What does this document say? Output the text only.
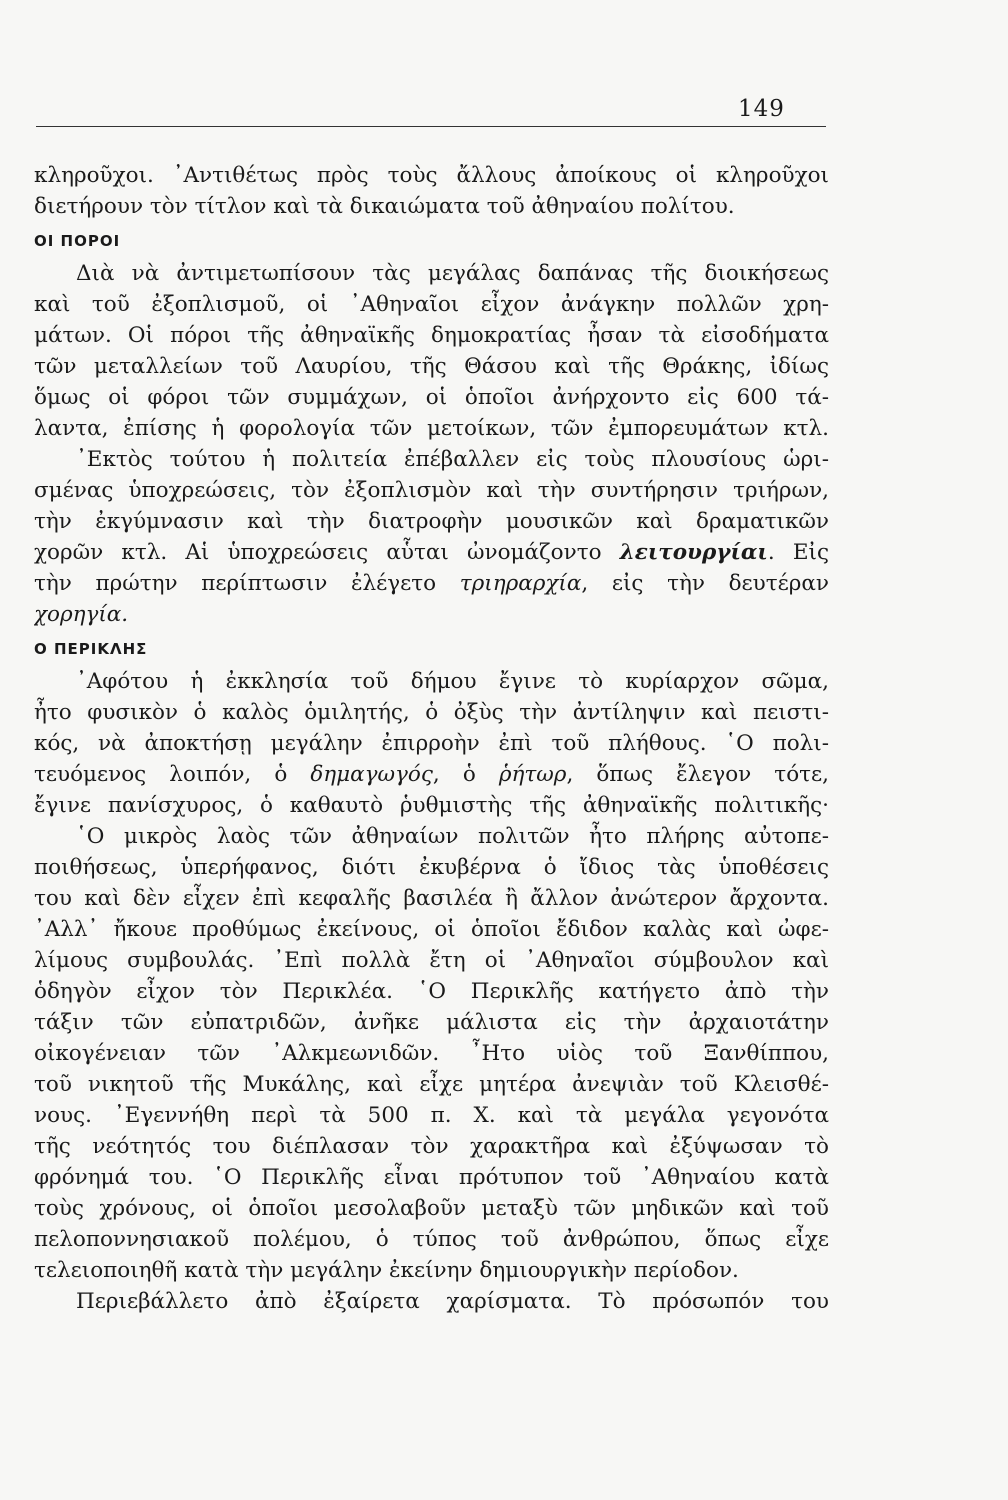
149
κληροῦχοι. ᾿Αντιθέτως πρὸς τοὺς ἄλλους ἀποίκους οἱ κληροῦχοι
διετήρουν τὸν τίτλον καὶ τὰ δικαιώματα τοῦ ἀθηναίου πολίτου.
ΟΙ ΠΟΡΟΙ
Διὰ νὰ ἀντιμετωπίσουν τὰς μεγάλας δαπάνας τῆς διοικήσεως
καὶ τοῦ ἐξοπλισμοῦ, οἱ ᾿Αθηναῖοι εἶχον ἀνάγκην πολλῶν χρη-
μάτων. Οἱ πόροι τῆς ἀθηναϊκῆς δημοκρατίας ἦσαν τὰ εἰσοδήματα
τῶν μεταλλείων τοῦ Λαυρίου, τῆς Θάσου καὶ τῆς Θράκης, ἰδίως
ὅμως οἱ φόροι τῶν συμμάχων, οἱ ὁποῖοι ἀνήρχοντο εἰς 600 τά-
λαντα, ἐπίσης ἡ φορολογία τῶν μετοίκων, τῶν ἐμπορευμάτων κτλ.
᾿Εκτὸς τούτου ἡ πολιτεία ἐπέβαλλεν εἰς τοὺς πλουσίους ὡρι-
σμένας ὑποχρεώσεις, τὸν ἐξοπλισμὸν καὶ τὴν συντήρησιν τριήρων,
τὴν ἐκγύμνασιν καὶ τὴν διατροφὴν μουσικῶν καὶ δραματικῶν
χορῶν κτλ. Αἱ ὑποχρεώσεις αὗται ὠνομάζοντο λειτουργίαι. Εἰς
τὴν πρώτην περίπτωσιν ἐλέγετο τριηραρχία, εἰς τὴν δευτέραν
χορηγία.
Ο ΠΕΡΙΚΛΗΣ
᾿Αφότου ἡ ἐκκλησία τοῦ δήμου ἔγινε τὸ κυρίαρχον σῶμα,
ἦτο φυσικὸν ὁ καλὸς ὁμιλητής, ὁ ὀξὺς τὴν ἀντίληψιν καὶ πειστι-
κός, νὰ ἀποκτήσῃ μεγάλην ἐπιρροὴν ἐπὶ τοῦ πλήθους. ῾Ο πολι-
τευόμενος λοιπόν, ὁ δημαγωγός, ὁ ῥήτωρ, ὅπως ἔλεγον τότε,
ἔγινε πανίσχυρος, ὁ καθαυτὸ ῥυθμιστὴς τῆς ἀθηναϊκῆς πολιτικῆς·
῾Ο μικρὸς λαὸς τῶν ἀθηναίων πολιτῶν ἦτο πλήρης αὐτοπε-
ποιθήσεως, ὑπερήφανος, διότι ἐκυβέρνα ὁ ἴδιος τὰς ὑποθέσεις
του καὶ δὲν εἶχεν ἐπὶ κεφαλῆς βασιλέα ἢ ἄλλον ἀνώτερον ἄρχοντα.
᾿Αλλ᾿ ἤκουε προθύμως ἐκείνους, οἱ ὁποῖοι ἔδιδον καλὰς καὶ ὠφε-
λίμους συμβουλάς. ᾿Επὶ πολλὰ ἔτη οἱ ᾿Αθηναῖοι σύμβουλον καὶ
ὁδηγὸν εἶχον τὸν Περικλέα. ῾Ο Περικλῆς κατήγετο ἀπὸ τὴν
τάξιν τῶν εὐπατριδῶν, ἀνῆκε μάλιστα εἰς τὴν ἀρχαιοτάτην
οἰκογένειαν τῶν ᾿Αλκμεωνιδῶν. ῏Ητο υἱὸς τοῦ Ξανθίππου,
τοῦ νικητοῦ τῆς Μυκάλης, καὶ εἶχε μητέρα ἀνεψιὰν τοῦ Κλεισθέ-
νους. ᾿Εγεννήθη περὶ τὰ 500 π. Χ. καὶ τὰ μεγάλα γεγονότα
τῆς νεότητός του διέπλασαν τὸν χαρακτῆρα καὶ ἐξύψωσαν τὸ
φρόνημά του. ῾Ο Περικλῆς εἶναι πρότυπον τοῦ ᾿Αθηναίου κατὰ
τοὺς χρόνους, οἱ ὁποῖοι μεσολαβοῦν μεταξὺ τῶν μηδικῶν καὶ τοῦ
πελοποννησιακοῦ πολέμου, ὁ τύπος τοῦ ἀνθρώπου, ὅπως εἶχε
τελειοποιηθῆ κατὰ τὴν μεγάλην ἐκείνην δημιουργικὴν περίοδον.
Περιεβάλλετο ἀπὸ ἐξαίρετα χαρίσματα. Τὸ πρόσωπόν του
